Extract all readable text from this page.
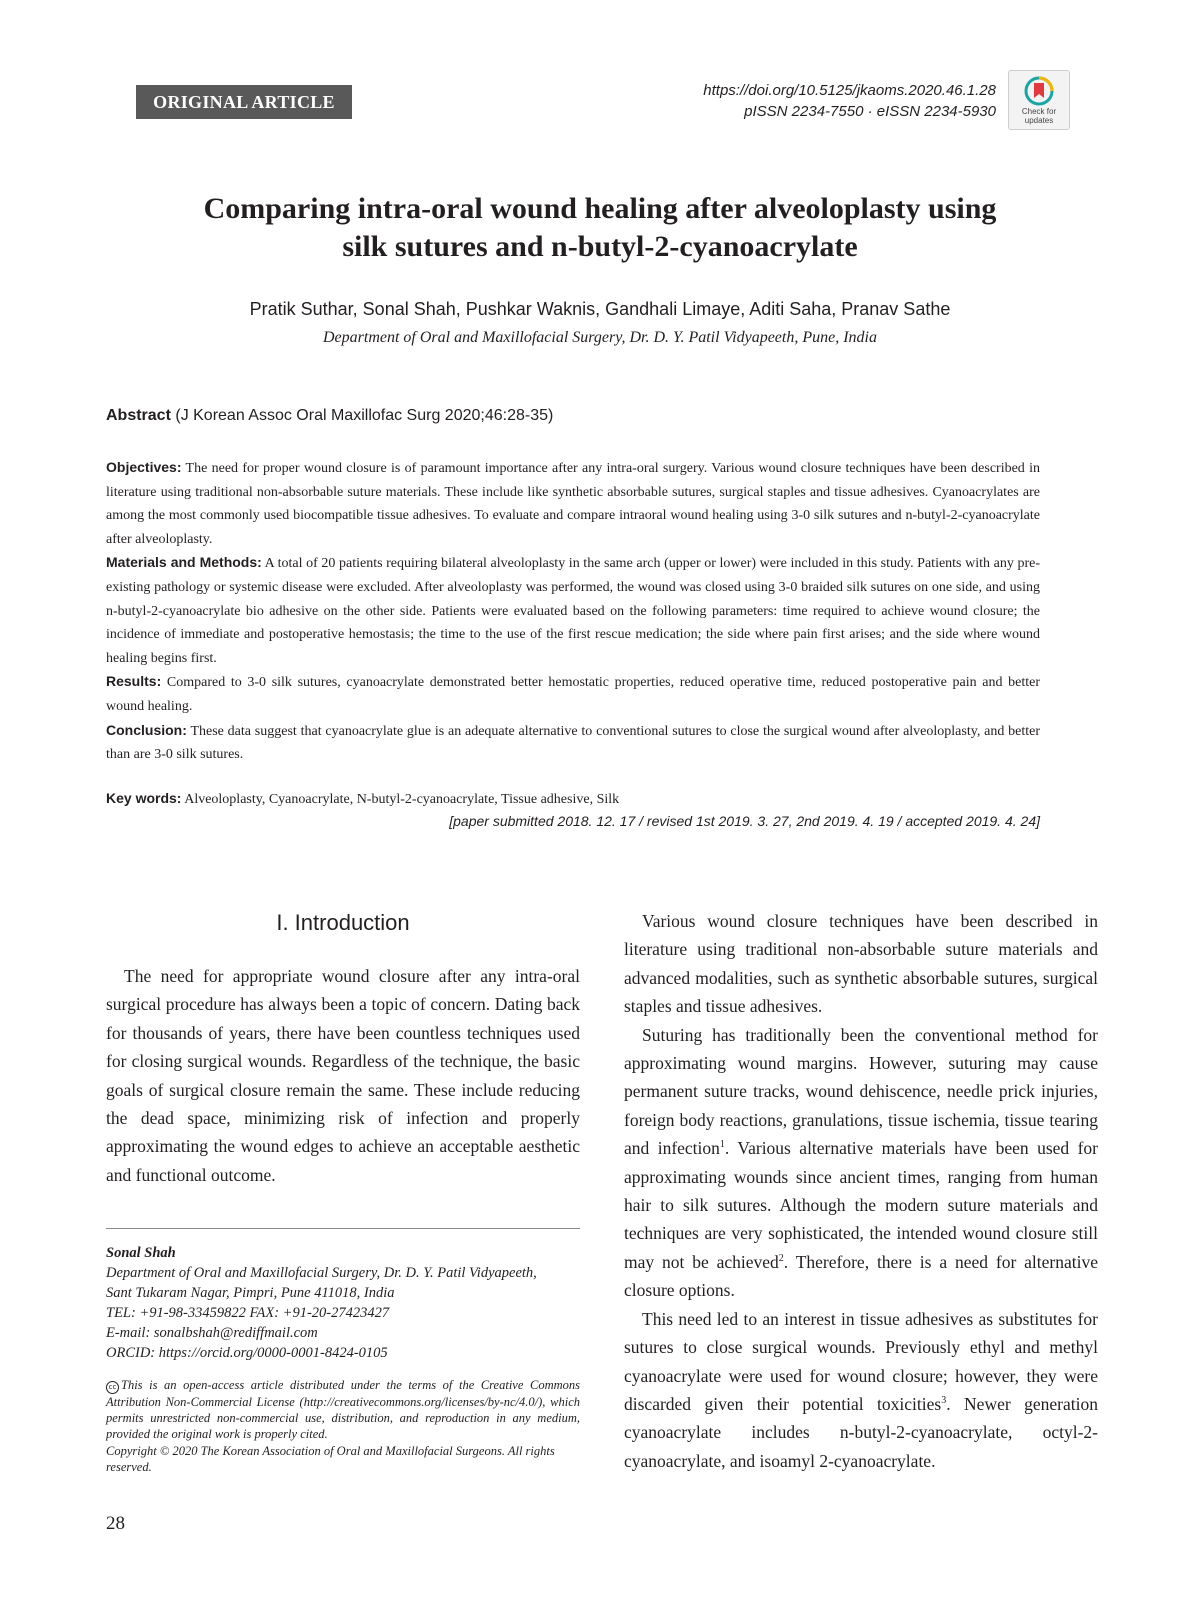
ORIGINAL ARTICLE
https://doi.org/10.5125/jkaoms.2020.46.1.28
pISSN 2234-7550 · eISSN 2234-5930	Check for updates
Comparing intra-oral wound healing after alveoloplasty using
silk sutures and n-butyl-2-cyanoacrylate
Pratik Suthar, Sonal Shah, Pushkar Waknis, Gandhali Limaye, Aditi Saha, Pranav Sathe
Department of Oral and Maxillofacial Surgery, Dr. D. Y. Patil Vidyapeeth, Pune, India
Abstract (J Korean Assoc Oral Maxillofac Surg 2020;46:28-35)

Objectives: The need for proper wound closure is of paramount importance after any intra-oral surgery. Various wound closure techniques have been described in literature using traditional non-absorbable suture materials. These include like synthetic absorbable sutures, surgical staples and tissue adhesives. Cyanoacrylates are among the most commonly used biocompatible tissue adhesives. To evaluate and compare intraoral wound healing using 3-0 silk sutures and n-butyl-2-cyanoacrylate after alveoloplasty.

Materials and Methods: A total of 20 patients requiring bilateral alveoloplasty in the same arch (upper or lower) were included in this study. Patients with any pre-existing pathology or systemic disease were excluded. After alveoloplasty was performed, the wound was closed using 3-0 braided silk sutures on one side, and using n-butyl-2-cyanoacrylate bio adhesive on the other side. Patients were evaluated based on the following parameters: time required to achieve wound closure; the incidence of immediate and postoperative hemostasis; the time to the use of the first rescue medication; the side where pain first arises; and the side where wound healing begins first.

Results: Compared to 3-0 silk sutures, cyanoacrylate demonstrated better hemostatic properties, reduced operative time, reduced postoperative pain and better wound healing.

Conclusion: These data suggest that cyanoacrylate glue is an adequate alternative to conventional sutures to close the surgical wound after alveoloplasty, and better than are 3-0 silk sutures.

Key words: Alveoloplasty, Cyanoacrylate, N-butyl-2-cyanoacrylate, Tissue adhesive, Silk
[paper submitted 2018. 12. 17 / revised 1st 2019. 3. 27, 2nd 2019. 4. 19 / accepted 2019. 4. 24]
I. Introduction

The need for appropriate wound closure after any intra-oral surgical procedure has always been a topic of concern. Dating back for thousands of years, there have been countless techniques used for closing surgical wounds. Regardless of the technique, the basic goals of surgical closure remain the same. These include reducing the dead space, minimizing risk of infection and properly approximating the wound edges to achieve an acceptable aesthetic and functional outcome.

Various wound closure techniques have been described in literature using traditional non-absorbable suture materials and advanced modalities, such as synthetic absorbable sutures, surgical staples and tissue adhesives.

Suturing has traditionally been the conventional method for approximating wound margins. However, suturing may cause permanent suture tracks, wound dehiscence, needle prick injuries, foreign body reactions, granulations, tissue ischemia, tissue tearing and infection$^1$. Various alternative materials have been used for approximating wounds since ancient times, ranging from human hair to silk sutures. Although the modern suture materials and techniques are very sophisticated, the intended wound closure still may not be achieved$^2$. Therefore, there is a need for alternative closure options.

This need led to an interest in tissue adhesives as substitutes for sutures to close surgical wounds. Previously ethyl and methyl cyanoacrylate were used for wound closure; however, they were discarded given their potential toxicities$^3$. Newer generation cyanoacrylate includes n-butyl-2-cyanoacrylate, octyl-2-cyanoacrylate, and isoamyl 2-cyanoacrylate.

Sonal Shah
Department of Oral and Maxillofacial Surgery, Dr. D. Y. Patil Vidyapeeth,
Sant Tukaram Nagar, Pimpri, Pune 411018, India
TEL: +91-98-33459822 FAX: +91-20-27423427
E-mail: sonalbshah@rediffmail.com
ORCID: https://orcid.org/0000-0001-8424-0105
cc This is an open-access article distributed under the terms of the Creative Commons Attribution Non-Commercial License (http://creativecommons.org/licenses/by-nc/4.0/), which permits unrestricted non-commercial use, distribution, and reproduction in any medium, provided the original work is properly cited.
Copyright © 2020 The Korean Association of Oral and Maxillofacial Surgeons. All rights reserved.
28
